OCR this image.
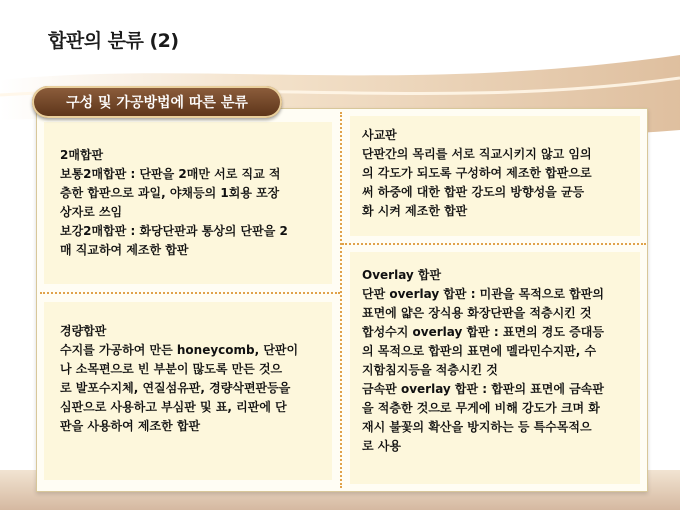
합판의 분류 (2)
구성 및 가공방법에 따른 분류
2매합판
보통2매합판 : 단판을 2매만 서로 직교 적
층한 합판으로 과일, 야채등의 1회용 포장
상자로 쓰임
보강2매합판 : 화당단판과 통상의 단판을 2
매 직교하여 제조한 합판
경량합판
수지를 가공하여 만든 honeycomb, 단판이
나 소목편으로 빈 부분이 많도록 만든 것으
로 발포수지체, 연질섬유판, 경량삭편판등을
심판으로 사용하고 부심판 및 표, 리판에 단
판을 사용하여 제조한 합판
사교판
단판간의 목리를 서로 직교시키지 않고 임의
의 각도가 되도록 구성하여 제조한 합판으로
써 하중에 대한 합판 강도의 방향성을 균등
화 시켜 제조한 합판
Overlay 합판
단판 overlay 합판 : 미관을 목적으로 합판의
표면에 얇은 장식용 화장단판을 적층시킨 것
합성수지 overlay 합판 : 표면의 경도 증대등
의 목적으로 합판의 표면에 멜라민수지판, 수
지함침지등을 적층시킨 것
금속판 overlay 합판 : 합판의 표면에 금속판
을 적층한 것으로 무게에 비해 강도가 크며 화
재시 불꽃의 확산을 방지하는 등 특수목적으
로 사용
